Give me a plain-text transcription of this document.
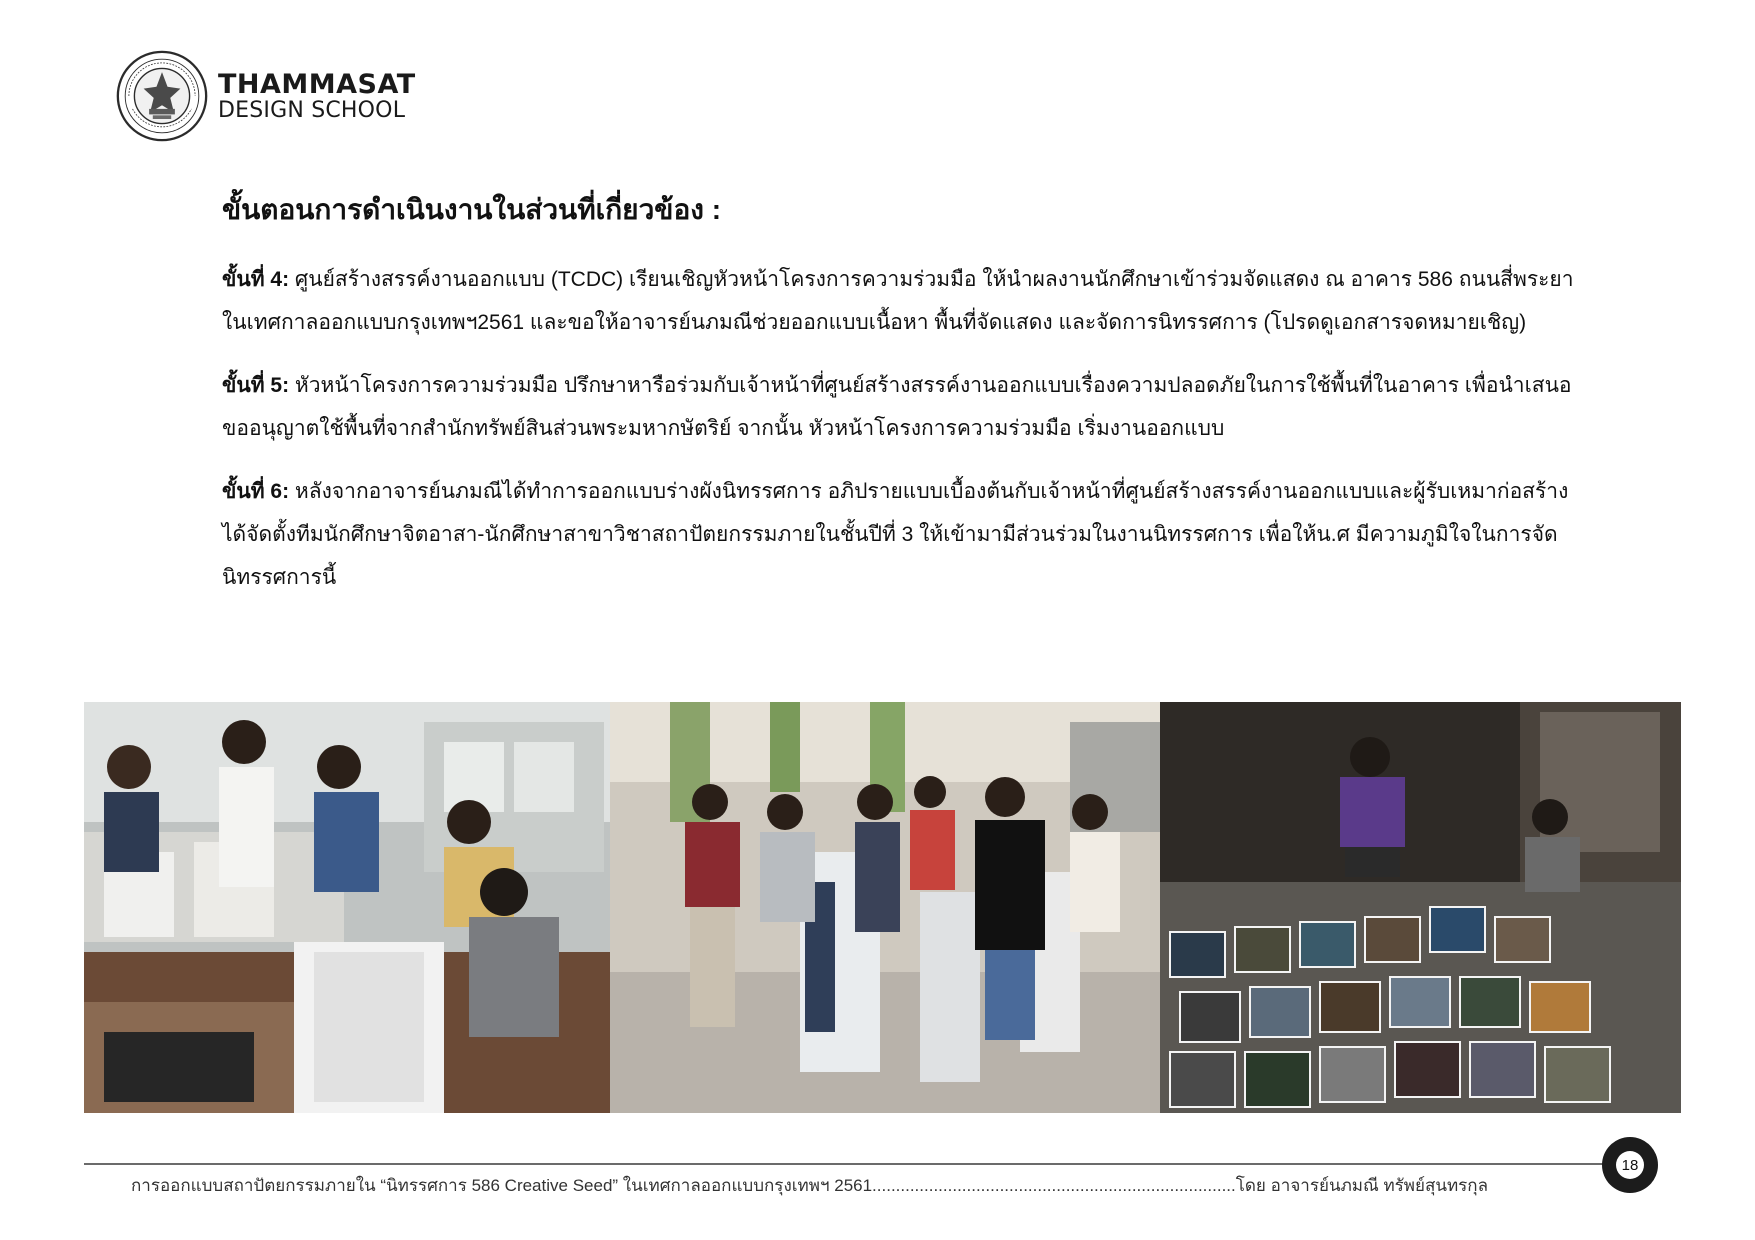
THAMMASAT
DESIGN SCHOOL
ขั้นตอนการดำเนินงานในส่วนที่เกี่ยวข้อง :

ขั้นที่ 4: ศูนย์สร้างสรรค์งานออกแบบ (TCDC) เรียนเชิญหัวหน้าโครงการความร่วมมือ ให้นำผลงานนักศึกษาเข้าร่วมจัดแสดง ณ อาคาร 586 ถนนสี่พระยา ในเทศกาลออกแบบกรุงเทพฯ2561 และขอให้อาจารย์นภมณีช่วยออกแบบเนื้อหา พื้นที่จัดแสดง และจัดการนิทรรศการ (โปรดดูเอกสารจดหมายเชิญ)

ขั้นที่ 5: หัวหน้าโครงการความร่วมมือ ปรึกษาหารือร่วมกับเจ้าหน้าที่ศูนย์สร้างสรรค์งานออกแบบเรื่องความปลอดภัยในการใช้พื้นที่ในอาคาร เพื่อนำเสนอขออนุญาตใช้พื้นที่จากสำนักทรัพย์สินส่วนพระมหากษัตริย์ จากนั้น หัวหน้าโครงการความร่วมมือ เริ่มงานออกแบบ

ขั้นที่ 6: หลังจากอาจารย์นภมณีได้ทำการออกแบบร่างผังนิทรรศการ อภิปรายแบบเบื้องต้นกับเจ้าหน้าที่ศูนย์สร้างสรรค์งานออกแบบและผู้รับเหมาก่อสร้าง ได้จัดตั้งทีมนักศึกษาจิตอาสา-นักศึกษาสาขาวิชาสถาปัตยกรรมภายในชั้นปีที่ 3 ให้เข้ามามีส่วนร่วมในงานนิทรรศการ เพื่อให้น.ศ มีความภูมิใจในการจัดนิทรรศการนี้

การออกแบบสถาปัตยกรรมภายใน “นิทรรศการ 586 Creative Seed” ในเทศกาลออกแบบกรุงเทพฯ 2561.............................................................................โดย อาจารย์นภมณี ทรัพย์สุนทรกุล
18
